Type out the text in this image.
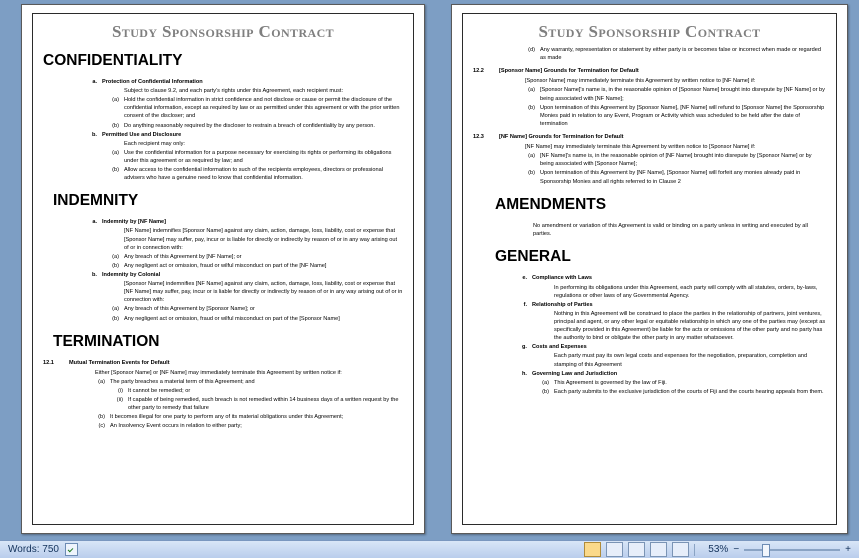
Study Sponsorship Contract
CONFIDENTIALITY
a. Protection of Confidential Information
Subject to clause 9.2, and each party's rights under this Agreement, each recipient must:
(a) Hold the confidential information in strict confidence and not disclose or cause or permit the disclosure of the confidential information, except as required by law or as permitted under this agreement or with the prior written consent of the discloser; and
(b) Do anything reasonably required by the discloser to restrain a breach of confidentiality by any person.
b. Permitted Use and Disclosure
Each recipient may only:
(a) Use the confidential information for a purpose necessary for exercising its rights or performing its obligations under this agreement or as required by law; and
(b) Allow access to the confidential information to such of the recipients employees, directors or professional advisers who have a genuine need to know that confidential information.
INDEMNITY
a. Indemnity by [NF Name]
[NF Name] indemnifies [Sponsor Name] against any claim, action, damage, loss, liability, cost or expense that [Sponsor Name] may suffer, pay, incur or is liable for directly or indirectly by reason of or in any way arising out of or in connection with:
(a) Any breach of this Agreement by [NF Name]; or
(b) Any negligent act or omission, fraud or wilful misconduct on part of the [NF Name]
b. Indemnity by Colonial
[Sponsor Name] indemnifies [NF Name] against any claim, action, damage, loss, liability, cost or expense that [NF Name] may suffer, pay, incur or is liable for directly or indirectly by reason of or in any way arising out of or in connection with:
(a) Any breach of this Agreement by [Sponsor Name]; or
(b) Any negligent act or omission, fraud or wilful misconduct on part of the [Sponsor Name]
TERMINATION
12.1	Mutual Termination Events for Default
Either [Sponsor Name] or [NF Name] may immediately terminate this Agreement by written notice if:
(a) The party breaches a material term of this Agreement; and
(i) It cannot be remedied; or
(ii) If capable of being remedied, such breach is not remedied within 14 business days of a written request by the other party to remedy that failure
(b) It becomes illegal for one party to perform any of its material obligations under this Agreement;
(c) An Insolvency Event occurs in relation to either party;
Study Sponsorship Contract
(d) Any warranty, representation or statement by either party is or becomes false or incorrect when made or regarded as made
12.2	[Sponsor Name] Grounds for Termination for Default
[Sponsor Name] may immediately terminate this Agreement by written notice to [NF Name] if:
(a) [Sponsor Name]'s name is, in the reasonable opinion of [Sponsor Name] brought into disrepute by [NF Name] or by being associated with [NF Name];
(b) Upon termination of this Agreement by [Sponsor Name], [NF Name] will refund to [Sponsor Name] the Sponsorship Monies paid in relation to any Event, Program or Activity which was scheduled to be held after the date of termination
12.3	[NF Name] Grounds for Termination for Default
[NF Name] may immediately terminate this Agreement by written notice to [Sponsor Name] if:
(a) [NF Name]'s name is, in the reasonable opinion of [NF Name] brought into disrepute by [Sponsor Name] or by being associated with [Sponsor Name];
(b) Upon termination of this Agreement by [NF Name], [Sponsor Name] will forfeit any monies already paid in Sponsorship Monies and all rights referred to in Clause 2
AMENDMENTS
No amendment or variation of this Agreement is valid or binding on a party unless in writing and executed by all parties.
GENERAL
e. Compliance with Laws
In performing its obligations under this Agreement, each party will comply with all statutes, orders, by-laws, regulations or other laws of any Governmental Agency.
f. Relationship of Parties
Nothing in this Agreement will be construed to place the parties in the relationship of partners, joint ventures, principal and agent, or any other legal or equitable relationship in which any one of the parties may (except as specifically provided in this Agreement) be liable for the acts or omissions of the other party and no party has the authority to bind or obligate the other party in any matter whatsoever.
g. Costs and Expenses
Each party must pay its own legal costs and expenses for the negotiation, preparation, completion and stamping of this Agreement
h. Governing Law and Jurisdiction
(a) This Agreement is governed by the law of Fiji.
(b) Each party submits to the exclusive jurisdiction of the courts of Fiji and the courts hearing appeals from them.
Words: 750	53% −	+
